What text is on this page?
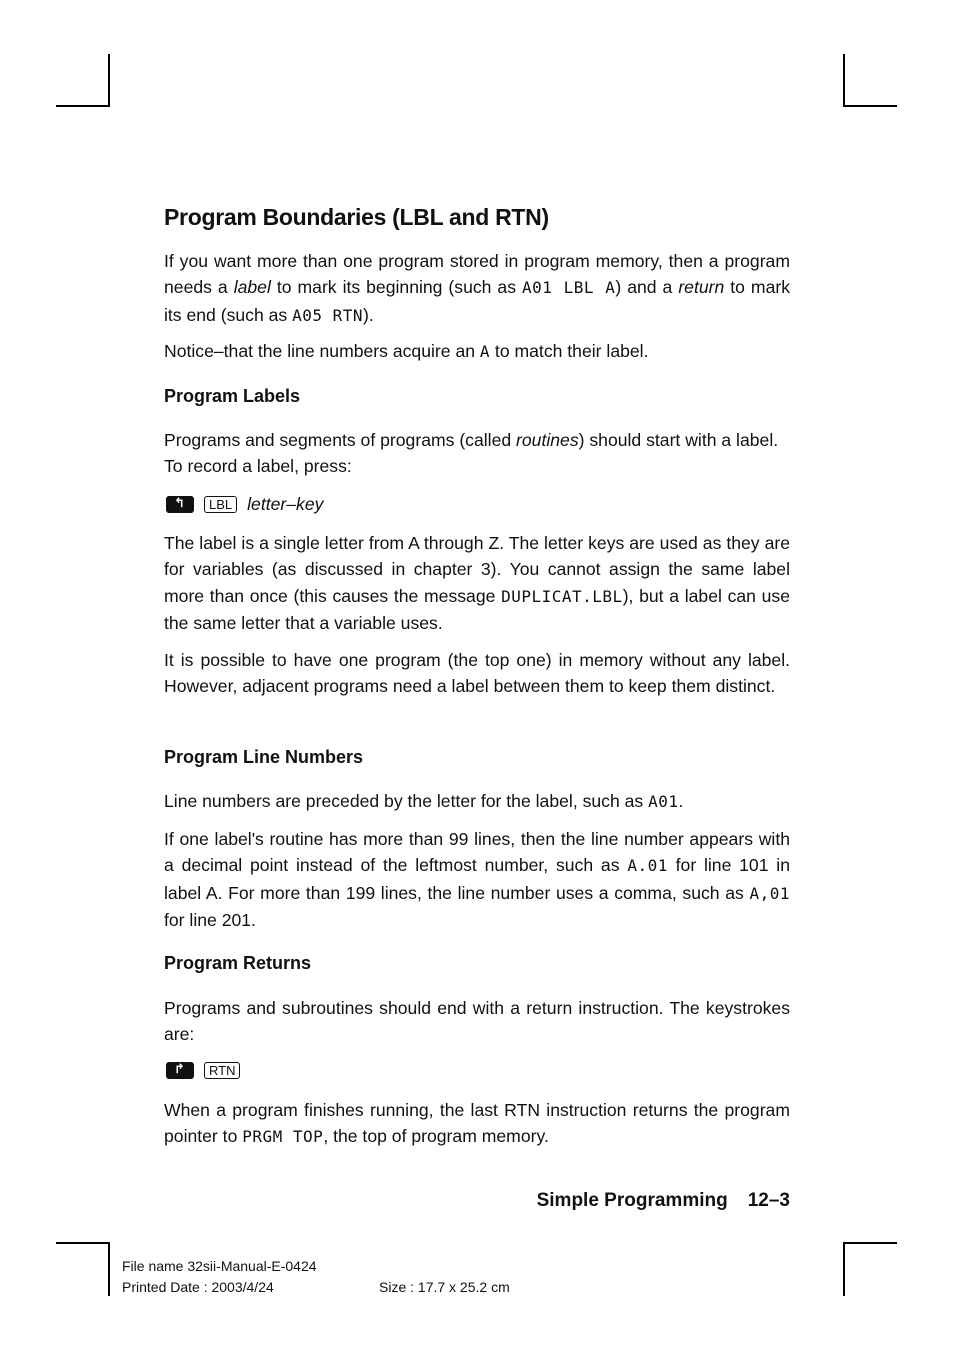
Program Boundaries (LBL and RTN)

If you want more than one program stored in program memory, then a program needs a label to mark its beginning (such as A01 LBL A) and a return to mark its end (such as A05 RTN).

Notice–that the line numbers acquire an A to match their label.

Program Labels

Programs and segments of programs (called routines) should start with a label. To record a label, press:

↰	LBL letter–key

The label is a single letter from A through Z. The letter keys are used as they are for variables (as discussed in chapter 3). You cannot assign the same label more than once (this causes the message DUPLICAT.LBL), but a label can use the same letter that a variable uses.

It is possible to have one program (the top one) in memory without any label. However, adjacent programs need a label between them to keep them distinct.

Program Line Numbers

Line numbers are preceded by the letter for the label, such as A01.

If one label's routine has more than 99 lines, then the line number appears with a decimal point instead of the leftmost number, such as A.01 for line 101 in label A. For more than 199 lines, the line number uses a comma, such as A,01 for line 201.

Program Returns

Programs and subroutines should end with a return instruction. The keystrokes are:

↱	RTN

When a program finishes running, the last RTN instruction returns the program pointer to PRGM TOP, the top of program memory.

Simple Programming 12–3
File name 32sii-Manual-E-0424
Printed Date : 2003/4/24	Size : 17.7 x 25.2 cm
